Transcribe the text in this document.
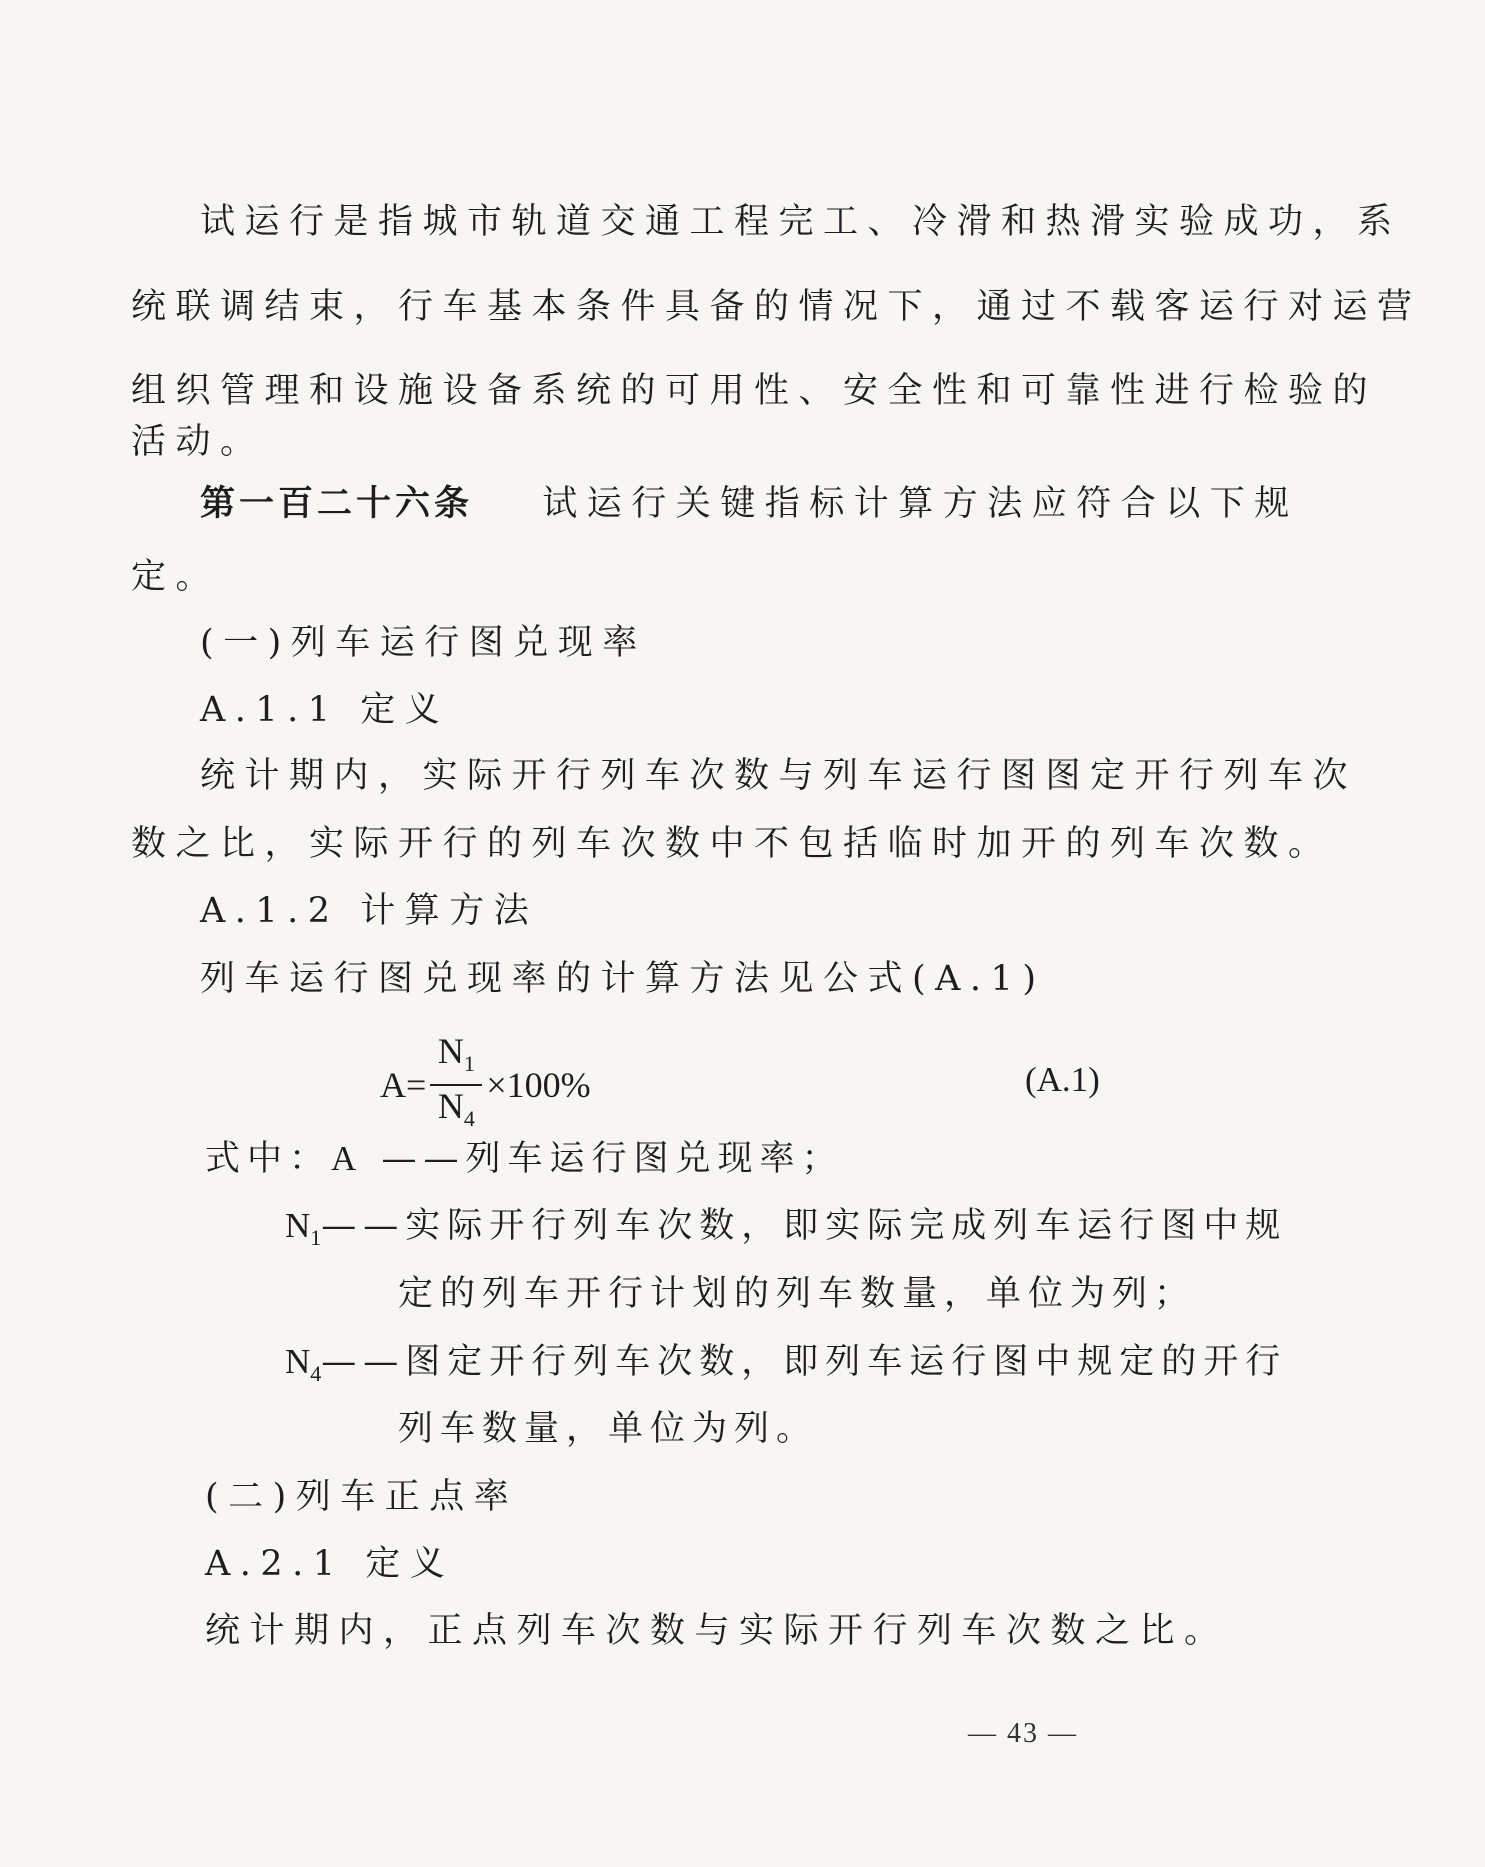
试运行是指城市轨道交通工程完工、冷滑和热滑实验成功，系
统联调结束，行车基本条件具备的情况下，通过不载客运行对运营
组织管理和设施设备系统的可用性、安全性和可靠性进行检验的
活动。
第一百二十六条 试运行关键指标计算方法应符合以下规
定。
(一)列车运行图兑现率
A.1.1 定义
统计期内，实际开行列车次数与列车运行图图定开行列车次
数之比，实际开行的列车次数中不包括临时加开的列车次数。
A.1.2 计算方法
列车运行图兑现率的计算方法见公式(A.1)
$A= \frac{N_1}{N_4} \times 100\%$	(A.1)
式中：A ——列车运行图兑现率；
$N_1——$实际开行列车次数，即实际完成列车运行图中规
定的列车开行计划的列车数量，单位为列；
$N_4——$图定开行列车次数，即列车运行图中规定的开行
列车数量，单位为列。
(二)列车正点率
A.2.1 定义
统计期内，正点列车次数与实际开行列车次数之比。
— 43 —
